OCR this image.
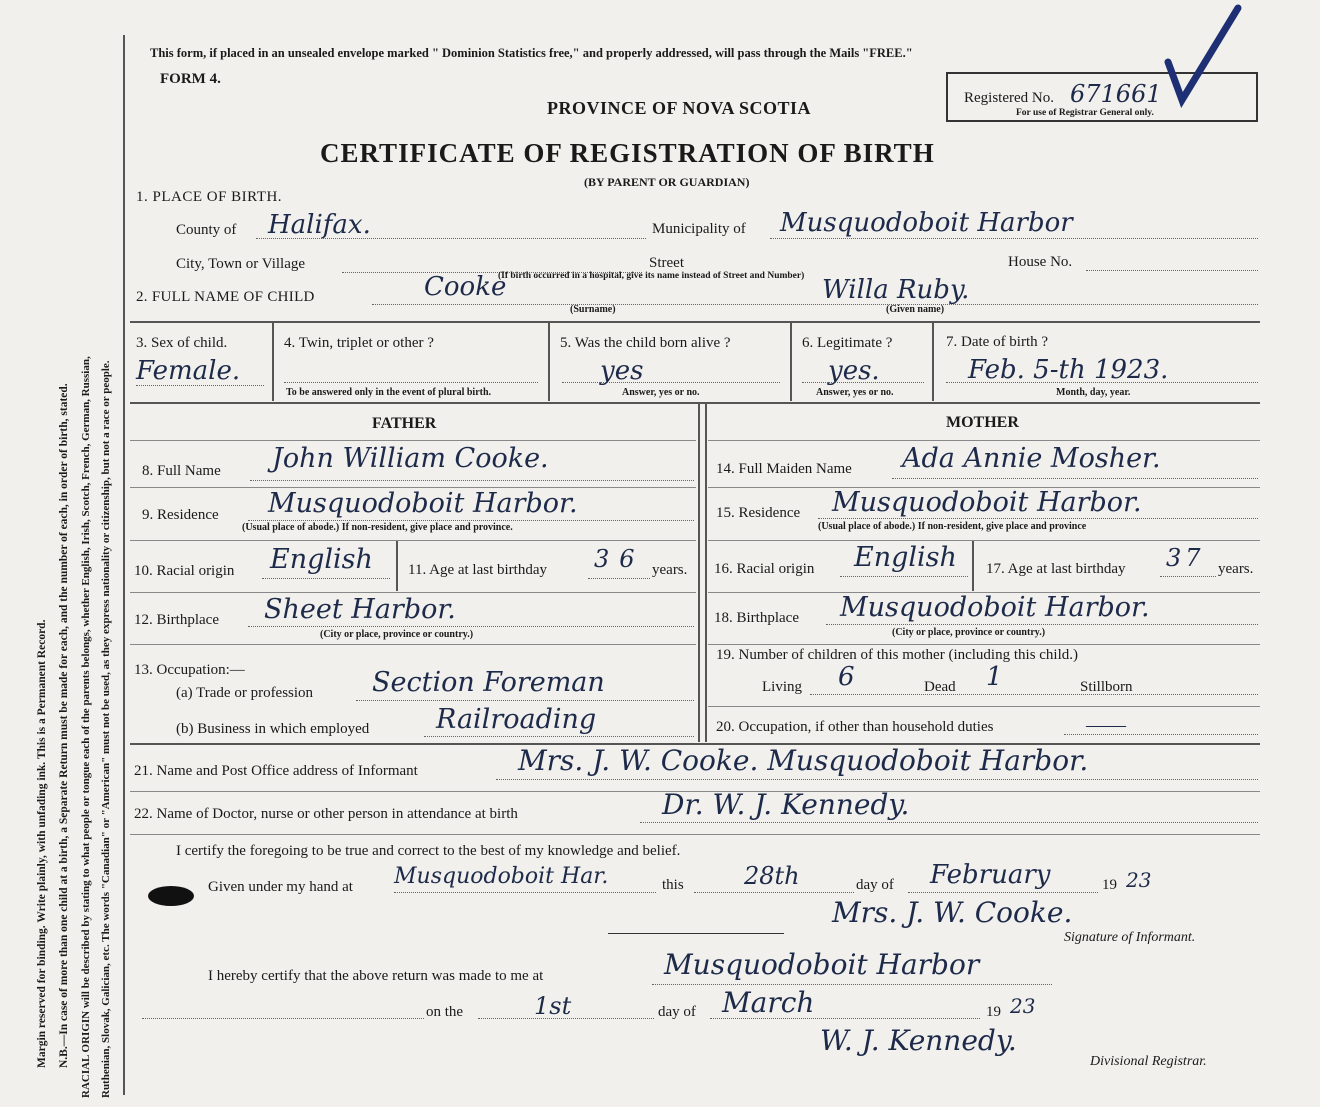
Margin reserved for binding. Write plainly, with unfading ink. This is a Permanent Record. N.B.—In case of more than one child at a birth, a Separate Return must be made for each, and the number of each, in order of birth, stated. RACIAL ORIGIN will be described by stating to what people or tongue each of the parents belongs, whether English, Irish, Scotch, French, German, Russian, Ruthenian, Slovak, Galician, etc. The words "Canadian" or "American" must not be used, as they express nationality or citizenship, but not a race or people.
This form, if placed in an unsealed envelope marked " Dominion Statistics free," and properly addressed, will pass through the Mails "FREE."
FORM 4.
PROVINCE OF NOVA SCOTIA
CERTIFICATE OF REGISTRATION OF BIRTH
(BY PARENT OR GUARDIAN)
Registered No. 671661
For use of Registrar General only.
1. PLACE OF BIRTH.
County of Halifax.	Municipality of Musquodoboit Harbor
City, Town or Village	Street
(If birth occurred in a hospital, give its name instead of Street and Number)
House No.
2. FULL NAME OF CHILD	Cooke
(Surname)
Willa Ruby.
(Given name)
3. Sex of child.
Female.
4. Twin, triplet or other ?
To be answered only in the event of plural birth.
5. Was the child born alive ?
yes
Answer, yes or no.
6. Legitimate ?
yes.
Answer, yes or no.
7. Date of birth ?
Feb. 5-th 1923.
Month, day, year.
FATHER	MOTHER
8. Full Name John William Cooke.	14. Full Maiden Name Ada Annie Mosher.
9. Residence Musquodoboit Harbor.
(Usual place of abode.) If non-resident, give place and province.
15. Residence Musquodoboit Harbor.
(Usual place of abode.) If non-resident, give place and province
10. Racial origin English 11. Age at last birthday 36 years. 16. Racial origin English 17. Age at last birthday 37 years.
12. Birthplace Sheet Harbor.
(City or place, province or country.)
18. Birthplace Musquodoboit Harbor.
(City or place, province or country.)
13. Occupation:—
(a) Trade or profession Section Foreman
(b) Business in which employed Railroading
19. Number of children of this mother (including this child.)
Living 6	Dead 1	Stillborn
20. Occupation, if other than household duties	——
21. Name and Post Office address of Informant	Mrs. J. W. Cooke. Musquodoboit Harbor.
22. Name of Doctor, nurse or other person in attendance at birth	Dr. W. J. Kennedy.
I certify the foregoing to be true and correct to the best of my knowledge and belief.
Given under my hand at Musquodoboit Har.	this	28th	day of February	19 23
Mrs. J. W. Cooke.
Signature of Informant.
I hereby certify that the above return was made to me at	Musquodoboit Harbor
on the	1st	day of March	19 23
W. J. Kennedy.
Divisional Registrar.
